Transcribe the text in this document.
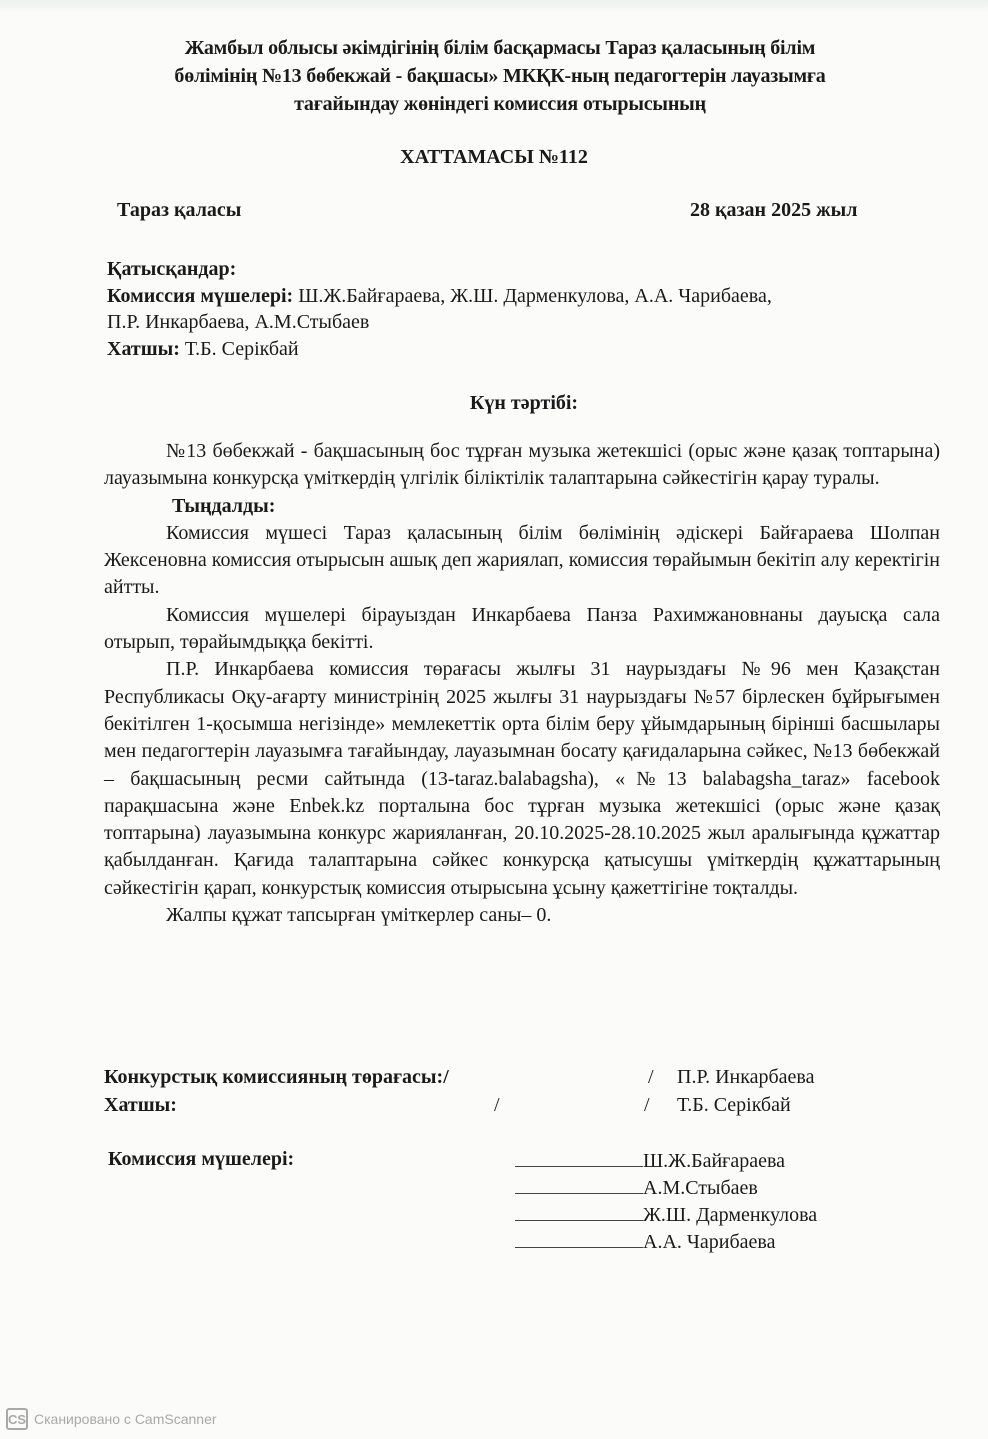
Жамбыл облысы әкімдігінің білім басқармасы Тараз қаласының білім
бөлімінің №13 бөбекжай - бақшасы» МКҚК-ның педагогтерін лауазымға
тағайындау жөніндегі комиссия отырысының
ХАТТАМАСЫ №112
Тараз қаласы	28 қазан 2025 жыл
Қатысқандар:
Комиссия мүшелері: Ш.Ж.Байғараева, Ж.Ш. Дарменкулова, А.А. Чарибаева,
П.Р. Инкарбаева, А.М.Стыбаев
Хатшы: Т.Б. Серікбай
Күн тәртібі:

№13 бөбекжай - бақшасының бос тұрған музыка жетекшісі (орыс және қазақ топтарына) лауазымына конкурсқа үміткердің үлгілік біліктілік талаптарына сәйкестігін қарау туралы.

Тыңдалды:

Комиссия мүшесі Тараз қаласының білім бөлімінің әдіскері Байғараева Шолпан Жексеновна комиссия отырысын ашық деп жариялап, комиссия төрайымын бекітіп алу керектігін айтты.

Комиссия мүшелері бірауыздан Инкарбаева Панза Рахимжановнаны дауысқа сала отырып, төрайымдыққа бекітті.

П.Р. Инкарбаева комиссия төрағасы жылғы 31 наурыздағы №96 мен Қазақстан Республикасы Оқу-ағарту министрінің 2025 жылғы 31 наурыздағы №57 бірлескен бұйрығымен бекітілген 1-қосымша негізінде» мемлекеттік орта білім беру ұйымдарының бірінші басшылары мен педагогтерін лауазымға тағайындау, лауазымнан босату қағидаларына сәйкес, №13 бөбекжай – бақшасының ресми сайтында (13-taraz.balabagsha), «№13 balabagsha_taraz» facebook парақшасына және Enbek.kz порталына бос тұрған музыка жетекшісі (орыс және қазақ топтарына) лауазымына конкурс жарияланған, 20.10.2025-28.10.2025 жыл аралығында құжаттар қабылданған. Қағида талаптарына сәйкес конкурсқа қатысушы үміткердің құжаттарының сәйкестігін қарап, конкурстық комиссия отырысына ұсыну қажеттігіне тоқталды.

Жалпы құжат тапсырған үміткерлер саны– 0.

Конкурстық комиссияның төрағасы:/	/ П.Р. Инкарбаева
Хатшы:	/	/ Т.Б. Серікбай
Комиссия мүшелері:	Ш.Ж.Байғараева
А.М.Стыбаев
Ж.Ш. Дарменкулова
А.А. Чарибаева
CS Сканировано с CamScanner
